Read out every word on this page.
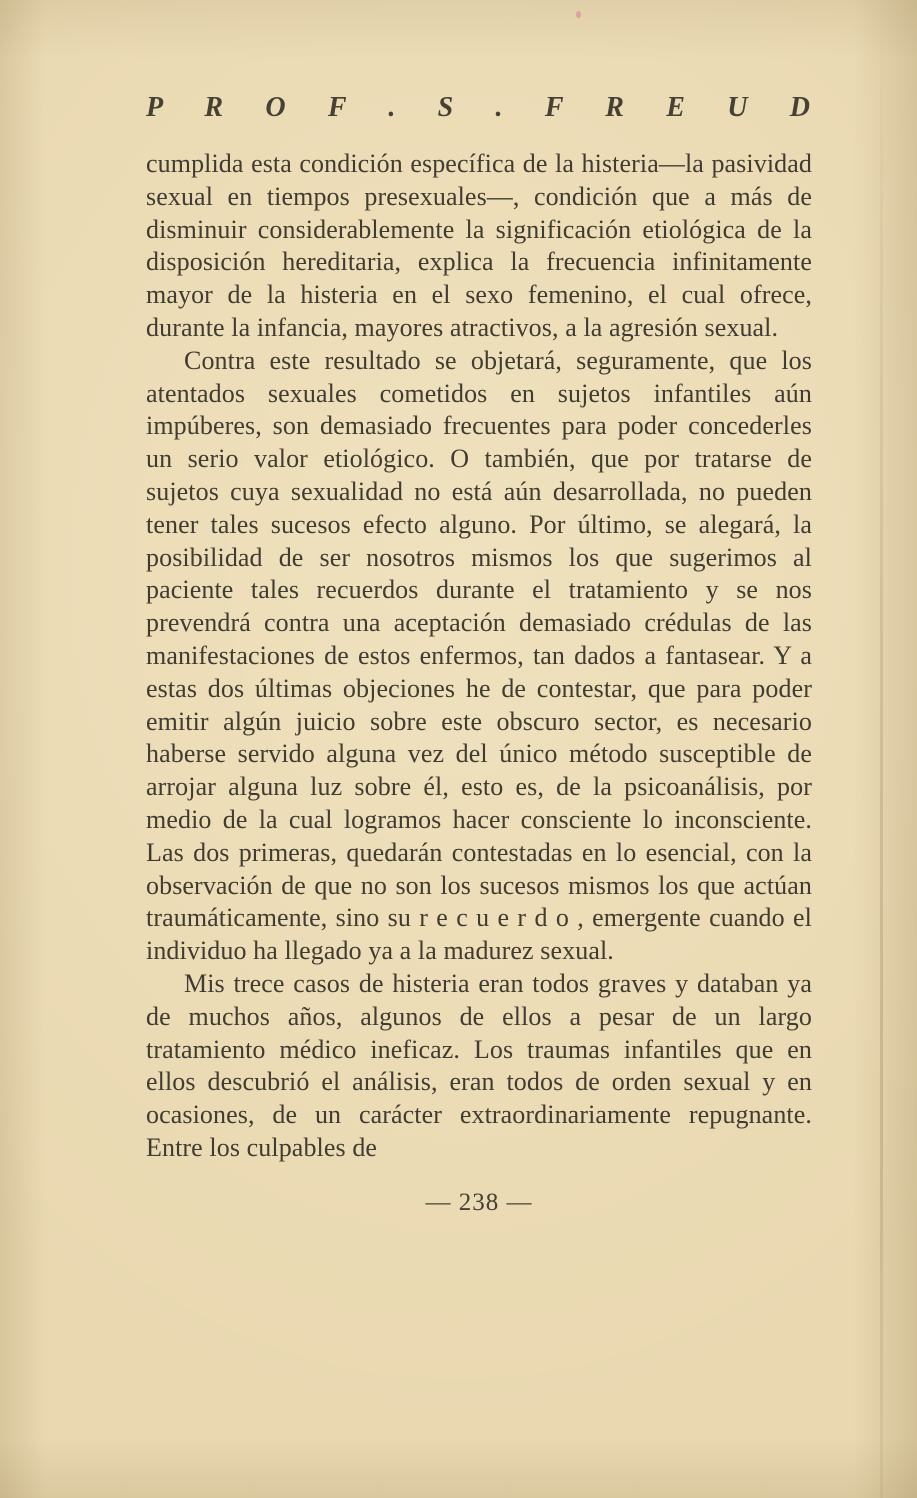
P R O F . S . F R E U D

cumplida esta condición específica de la histeria—la pasividad sexual en tiempos presexuales—, condición que a más de disminuir considerablemente la significación etiológica de la disposición hereditaria, explica la frecuencia infinitamente mayor de la histeria en el sexo femenino, el cual ofrece, durante la infancia, mayores atractivos, a la agresión sexual.

Contra este resultado se objetará, seguramente, que los atentados sexuales cometidos en sujetos infantiles aún impúberes, son demasiado frecuentes para poder concederles un serio valor etiológico. O también, que por tratarse de sujetos cuya sexualidad no está aún desarrollada, no pueden tener tales sucesos efecto alguno. Por último, se alegará, la posibilidad de ser nosotros mismos los que sugerimos al paciente tales recuerdos durante el tratamiento y se nos prevendrá contra una aceptación demasiado crédulas de las manifestaciones de estos enfermos, tan dados a fantasear. Y a estas dos últimas objeciones he de contestar, que para poder emitir algún juicio sobre este obscuro sector, es necesario haberse servido alguna vez del único método susceptible de arrojar alguna luz sobre él, esto es, de la psicoanálisis, por medio de la cual logramos hacer consciente lo inconsciente. Las dos primeras, quedarán contestadas en lo esencial, con la observación de que no son los sucesos mismos los que actúan traumáticamente, sino su r e c u e r d o , emergente cuando el individuo ha llegado ya a la madurez sexual.

Mis trece casos de histeria eran todos graves y databan ya de muchos años, algunos de ellos a pesar de un largo tratamiento médico ineficaz. Los traumas infantiles que en ellos descubrió el análisis, eran todos de orden sexual y en ocasiones, de un carácter extraordinariamente repugnante. Entre los culpables de

— 238 —
